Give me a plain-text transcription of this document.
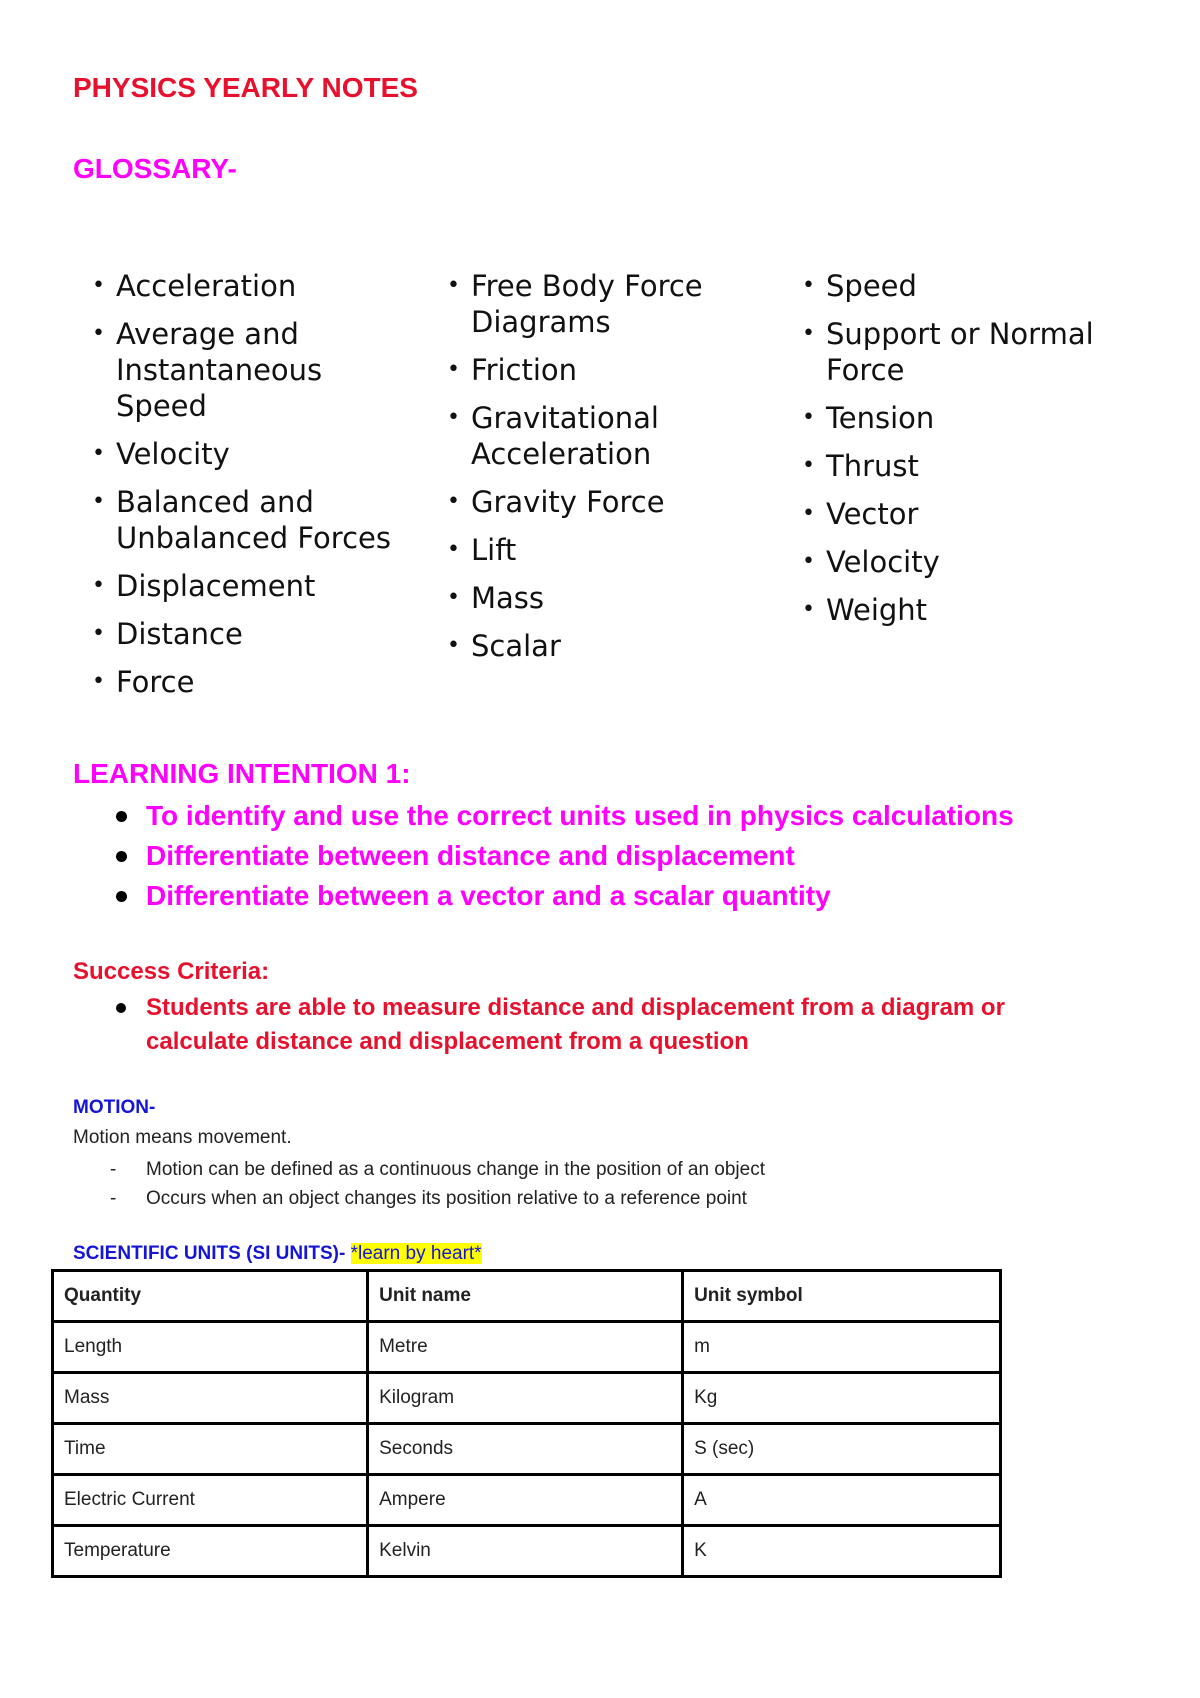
PHYSICS YEARLY NOTES
GLOSSARY-
• Acceleration
• Average and Instantaneous Speed
• Velocity
• Balanced and Unbalanced Forces
• Displacement
• Distance
• Force
• Free Body Force Diagrams
• Friction
• Gravitational Acceleration
• Gravity Force
• Lift
• Mass
• Scalar
• Speed
• Support or Normal Force
• Tension
• Thrust
• Vector
• Velocity
• Weight
LEARNING INTENTION 1:
To identify and use the correct units used in physics calculations
Differentiate between distance and displacement
Differentiate between a vector and a scalar quantity
Success Criteria:
Students are able to measure distance and displacement from a diagram or calculate distance and displacement from a question
MOTION-

Motion means movement.

- Motion can be defined as a continuous change in the position of an object
- Occurs when an object changes its position relative to a reference point
SCIENTIFIC UNITS (SI UNITS)- *learn by heart*
Quantity	Unit name	Unit symbol
Length	Metre	m
Mass	Kilogram	Kg
Time	Seconds	S (sec)
Electric Current	Ampere	A
Temperature	Kelvin	K
